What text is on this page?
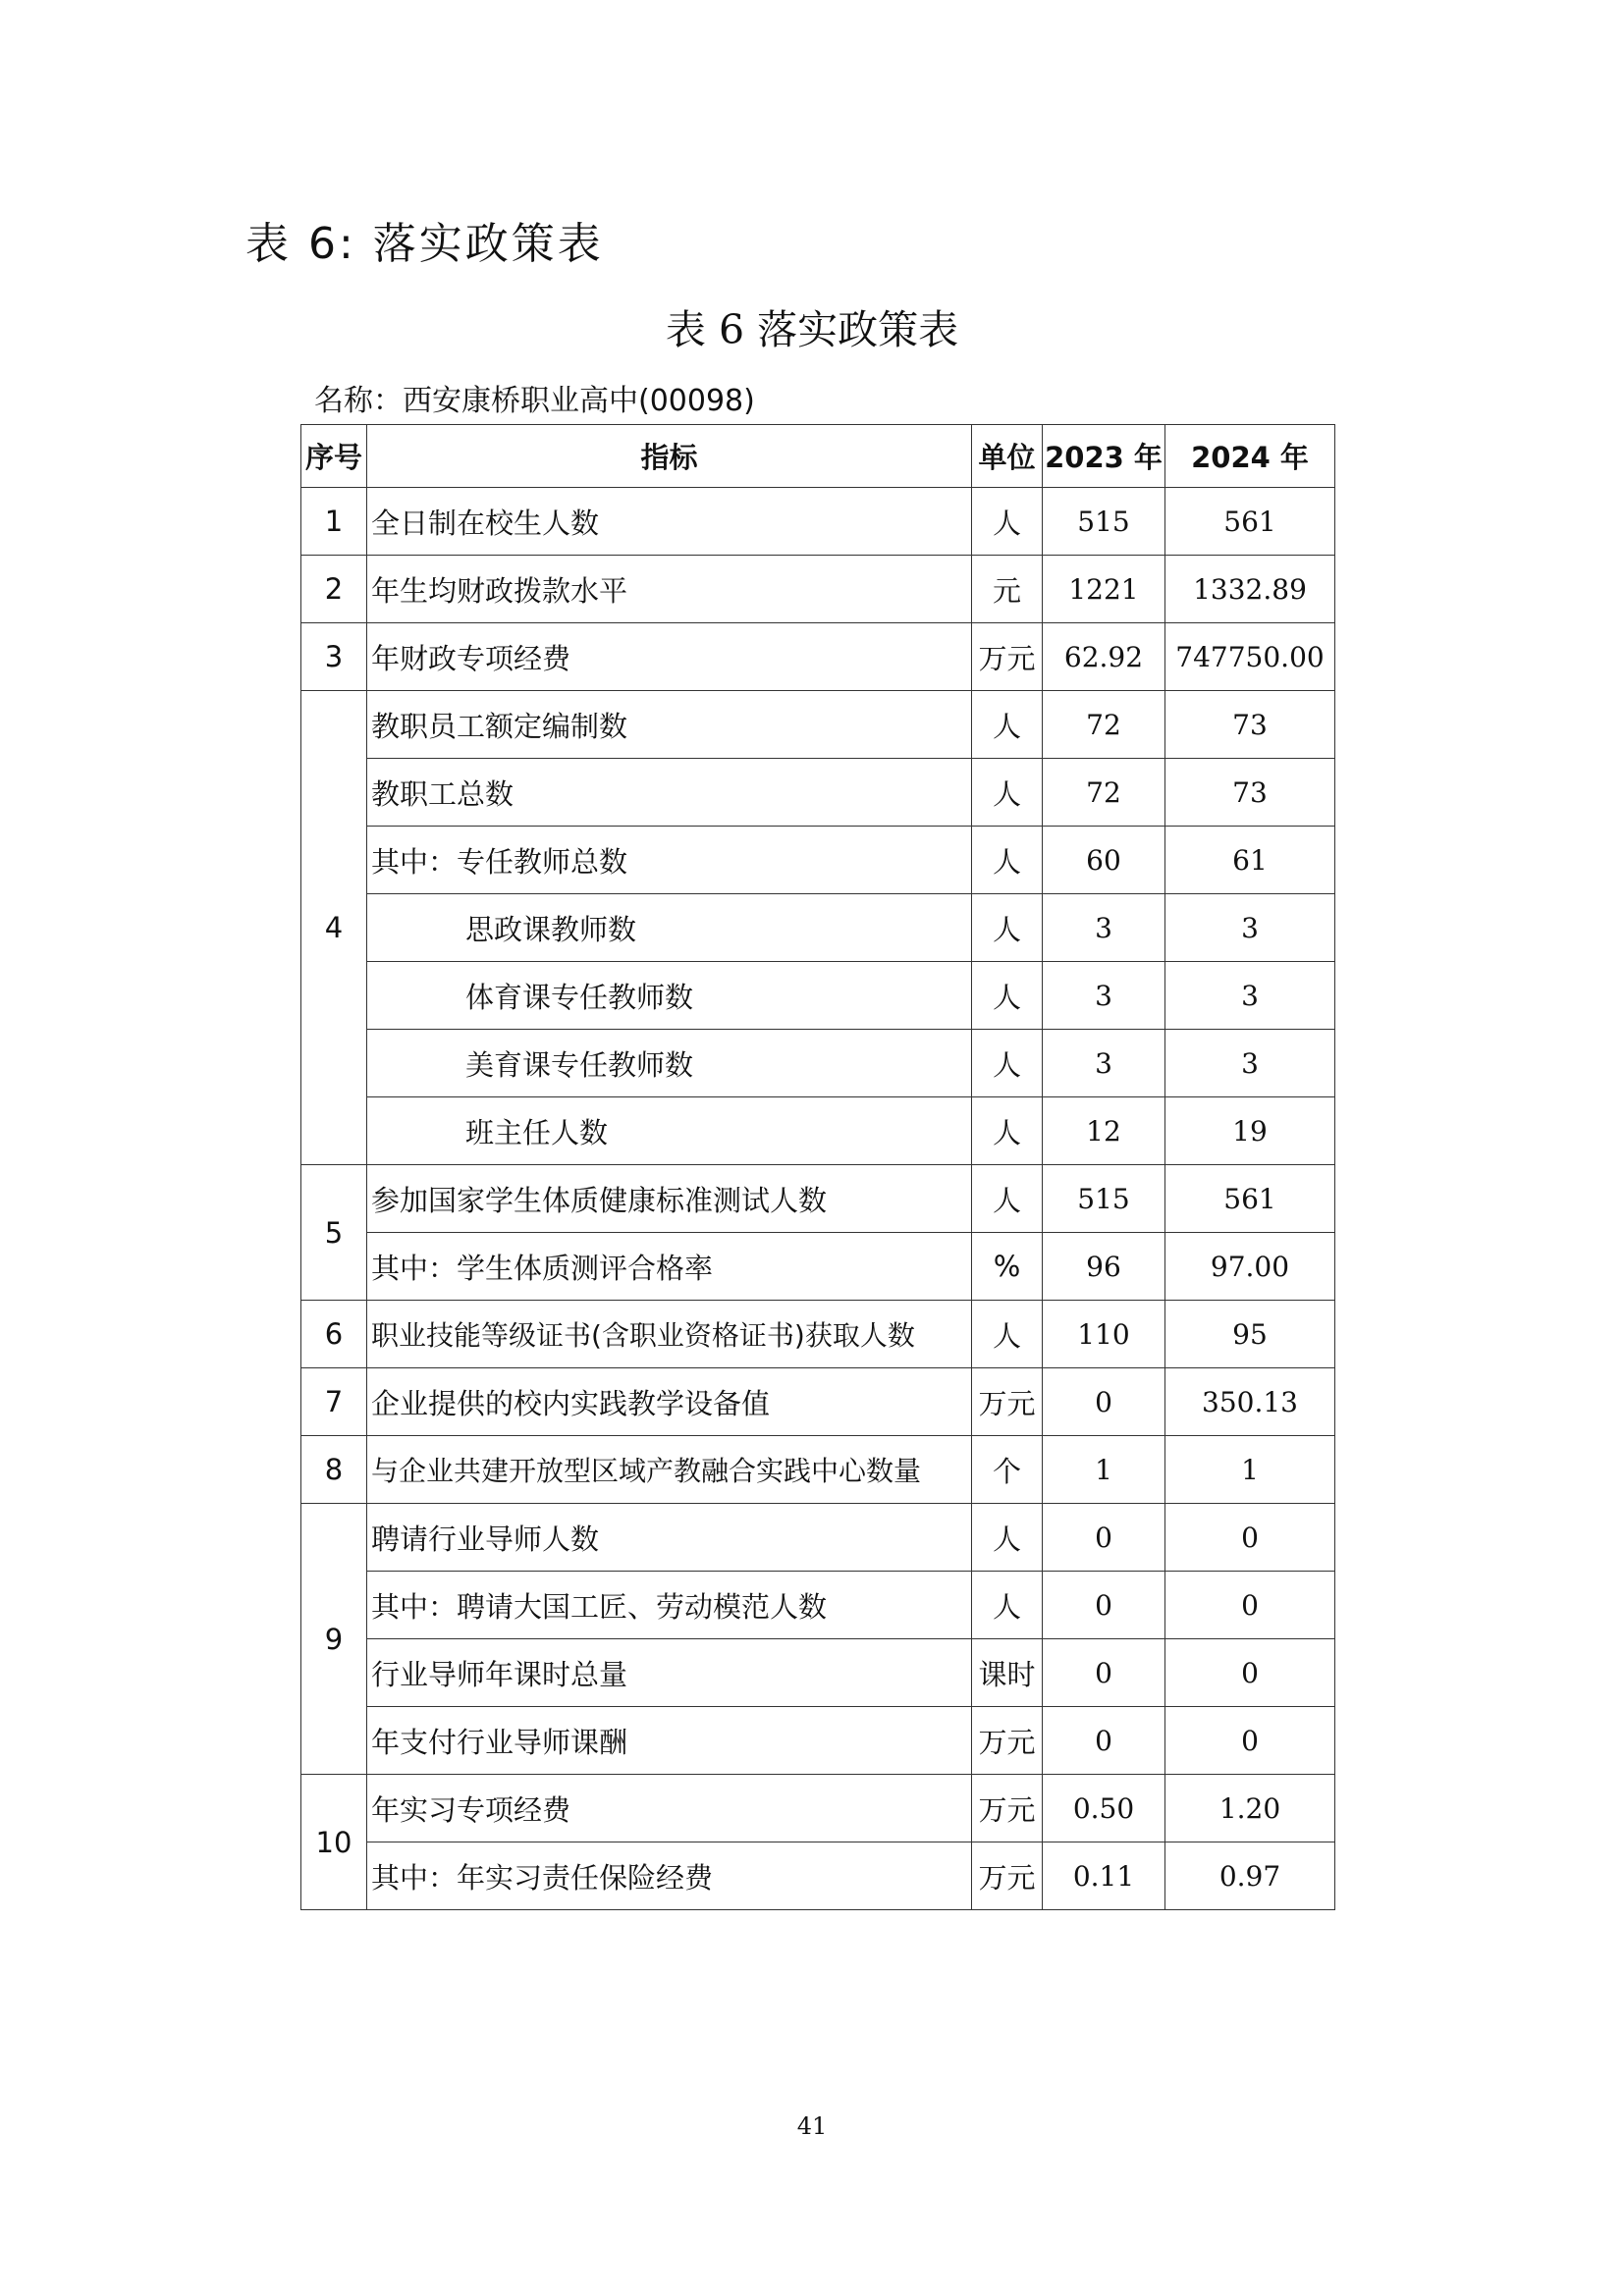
表 6: 落实政策表
表 6 落实政策表

名称：西安康桥职业高中(00098)

序号	指标	单位	2023 年	2024 年
1	全日制在校生人数	人	515	561
2	年生均财政拨款水平	元	1221	1332.89
3	年财政专项经费	万元	62.92	747750.00
4	教职员工额定编制数	人	72	73
	教职工总数	人	72	73
	其中：专任教师总数	人	60	61
	思政课教师数	人	3	3
	体育课专任教师数	人	3	3
	美育课专任教师数	人	3	3
	班主任人数	人	12	19
5	参加国家学生体质健康标准测试人数	人	515	561
	其中：学生体质测评合格率	%	96	97.00
6	职业技能等级证书(含职业资格证书)获取人数	人	110	95
7	企业提供的校内实践教学设备值	万元	0	350.13
8	与企业共建开放型区域产教融合实践中心数量	个	1	1
9	聘请行业导师人数	人	0	0
	其中：聘请大国工匠、劳动模范人数	人	0	0
	行业导师年课时总量	课时	0	0
	年支付行业导师课酬	万元	0	0
10	年实习专项经费	万元	0.50	1.20
	其中：年实习责任保险经费	万元	0.11	0.97

41
